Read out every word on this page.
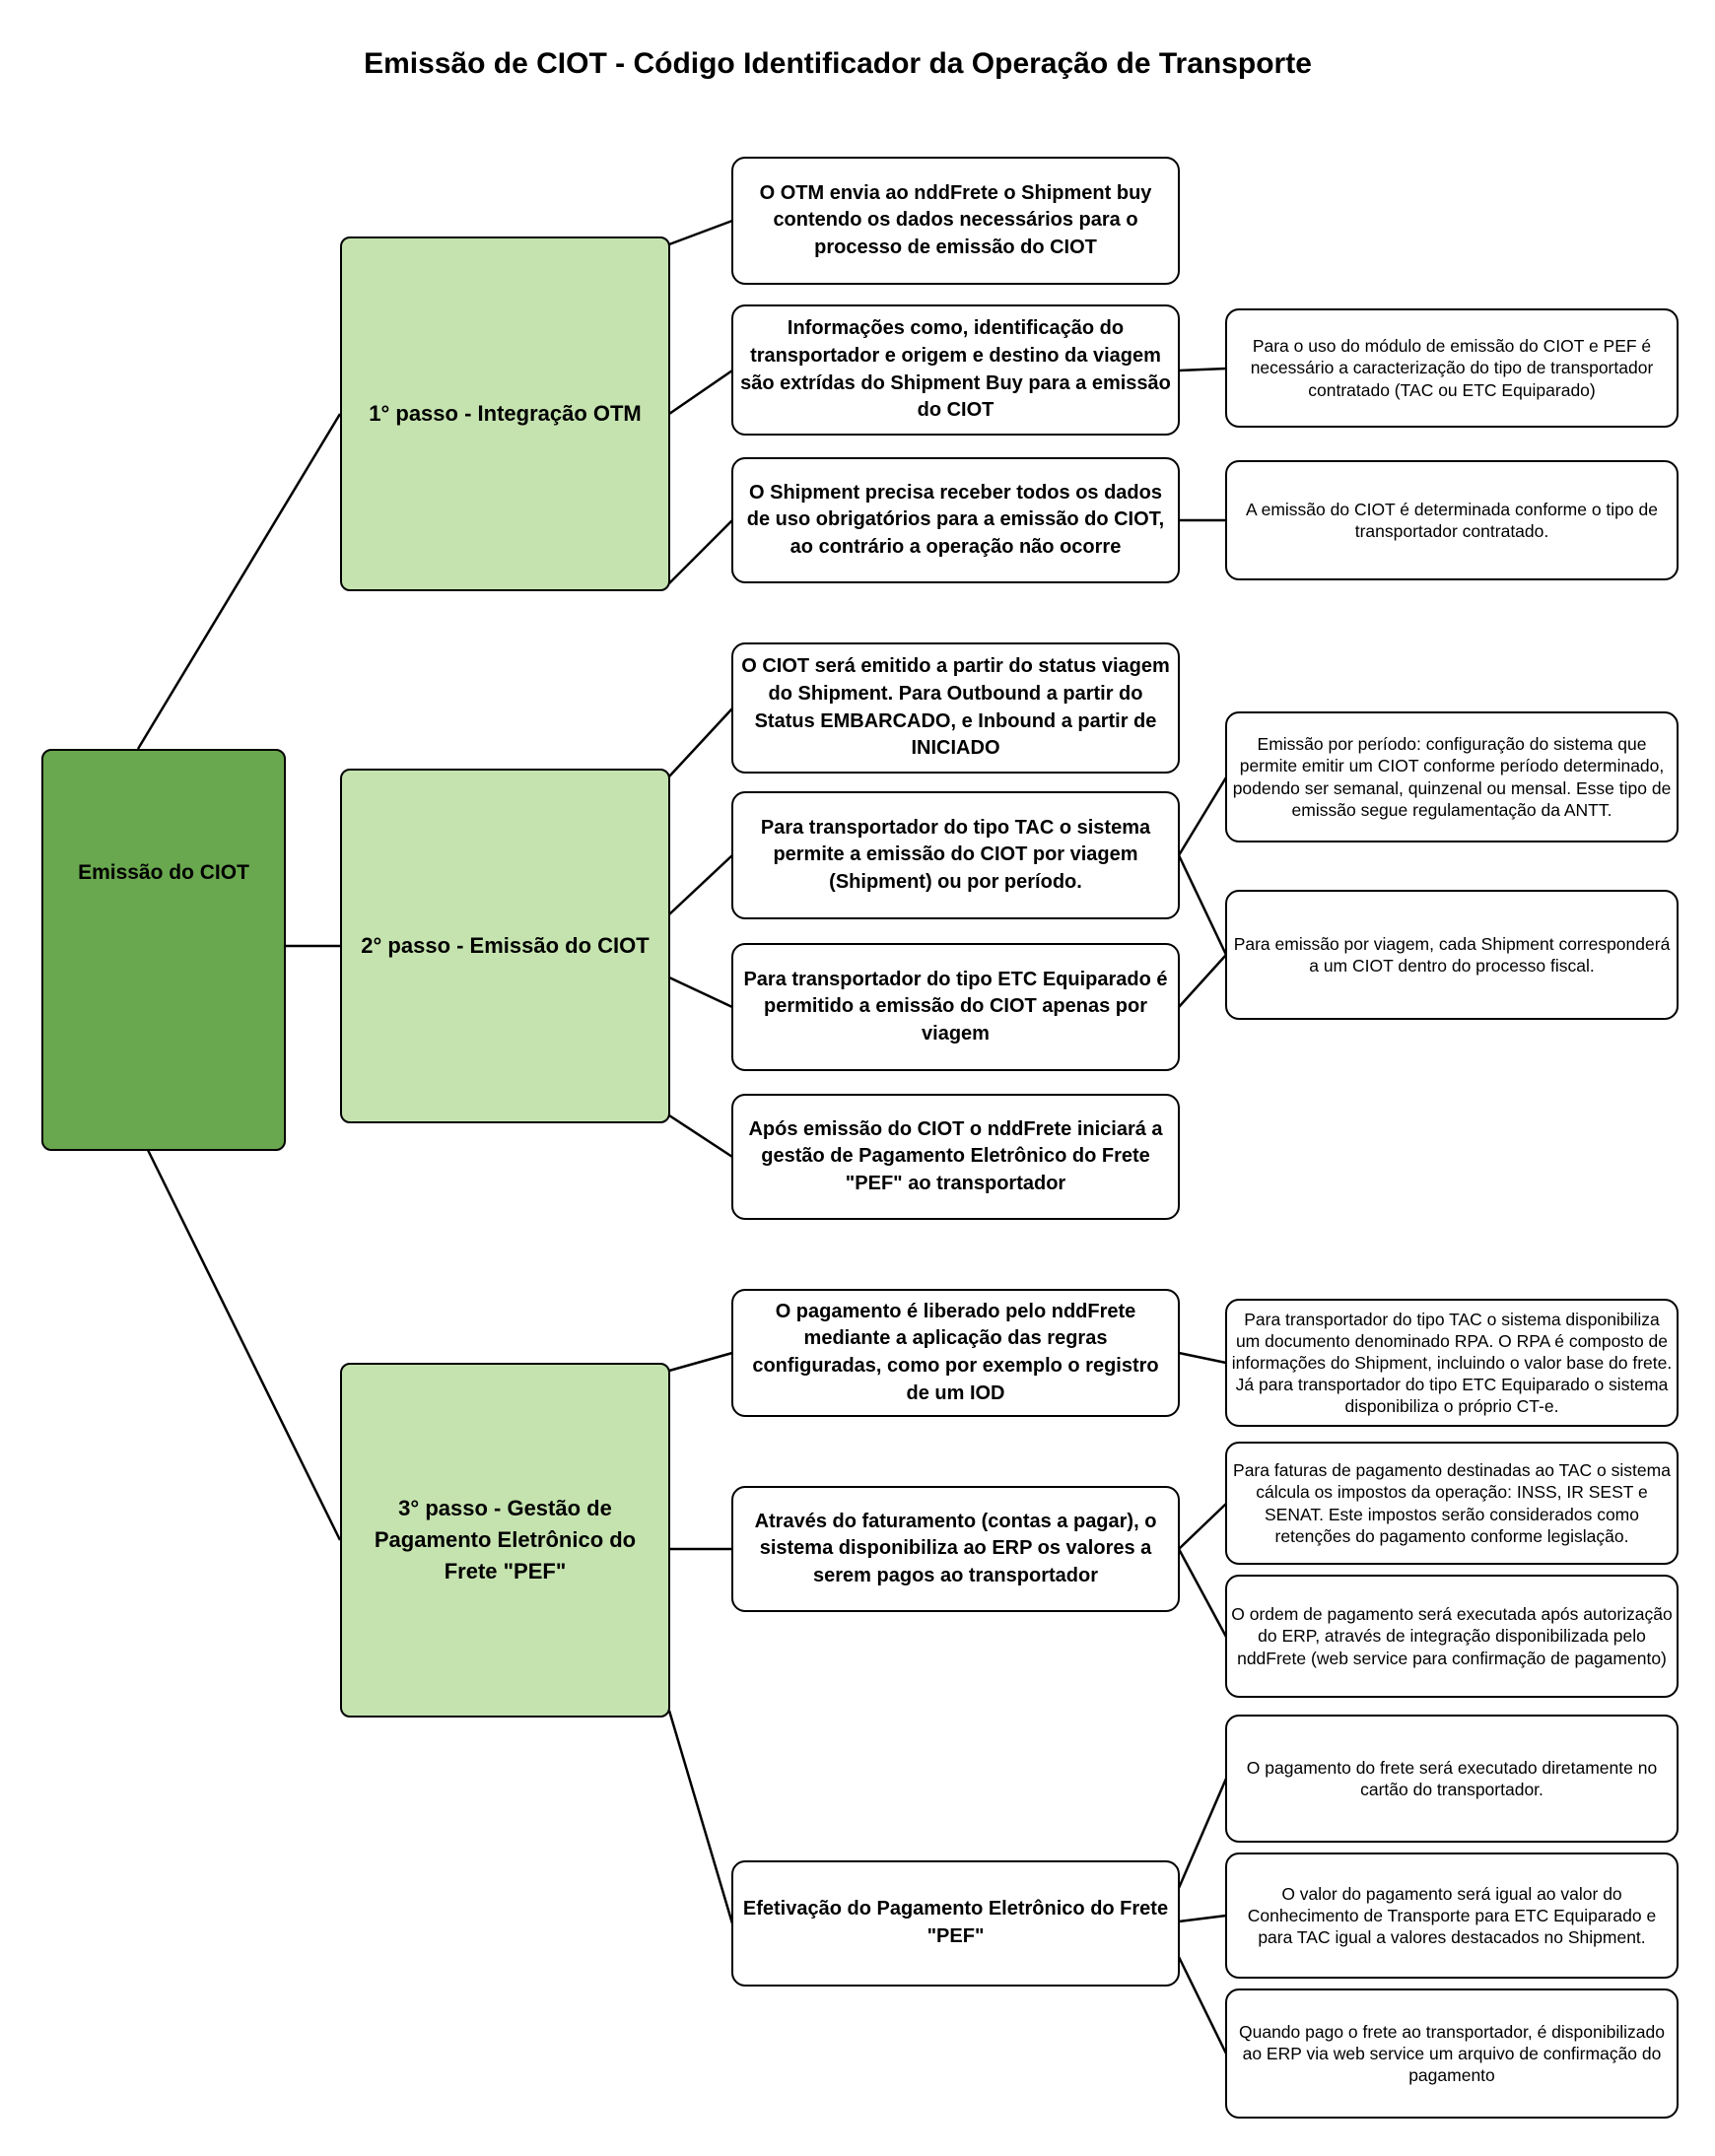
Emissão de CIOT - Código Identificador da Operação de Transporte
Emissão do CIOT
1° passo - Integração OTM
2° passo - Emissão do CIOT
3° passo - Gestão de Pagamento Eletrônico do Frete "PEF"
O OTM envia ao nddFrete o Shipment buy contendo os dados necessários para o processo de emissão do CIOT
Informações como, identificação do transportador e origem e destino da viagem são extrídas do Shipment Buy para a emissão do CIOT
O Shipment precisa receber todos os dados de uso obrigatórios para a emissão do CIOT, ao contrário a operação não ocorre
O CIOT será emitido a partir do status viagem do Shipment. Para Outbound a partir do Status EMBARCADO, e Inbound a partir de INICIADO
Para transportador do tipo TAC o sistema permite a emissão do CIOT por viagem (Shipment) ou por período.
Para transportador do tipo ETC Equiparado é permitido a emissão do CIOT apenas por viagem
Após emissão do CIOT o nddFrete iniciará a gestão de Pagamento Eletrônico do Frete "PEF" ao transportador
O pagamento é liberado pelo nddFrete mediante a aplicação das regras configuradas, como por exemplo o registro de um IOD
Através do faturamento (contas a pagar), o sistema disponibiliza ao ERP os valores a serem pagos ao transportador
Efetivação do Pagamento Eletrônico do Frete "PEF"
Para o uso do módulo de emissão do CIOT e PEF é necessário a caracterização do tipo de transportador contratado (TAC ou ETC Equiparado)
A emissão do CIOT é determinada conforme o tipo de transportador contratado.
Emissão por período: configuração do sistema que permite emitir um CIOT conforme período determinado, podendo ser semanal, quinzenal ou mensal. Esse tipo de emissão segue regulamentação da ANTT.
Para emissão por viagem, cada Shipment corresponderá a um CIOT dentro do processo fiscal.
Para transportador do tipo TAC o sistema disponibiliza um documento denominado RPA. O RPA é composto de informações do Shipment, incluindo o valor base do frete. Já para transportador do tipo ETC Equiparado o sistema disponibiliza o próprio CT-e.
Para faturas de pagamento destinadas ao TAC o sistema cálcula os impostos da operação: INSS, IR SEST e SENAT. Este impostos serão considerados como retenções do pagamento conforme legislação.
O ordem de pagamento será executada após autorização do ERP, através de integração disponibilizada pelo nddFrete (web service para confirmação de pagamento)
O pagamento do frete será executado diretamente no cartão do transportador.
O valor do pagamento será igual ao valor do Conhecimento de Transporte para ETC Equiparado e para TAC igual a valores destacados no Shipment.
Quando pago o frete ao transportador, é disponibilizado ao ERP via web service um arquivo de confirmação do pagamento
